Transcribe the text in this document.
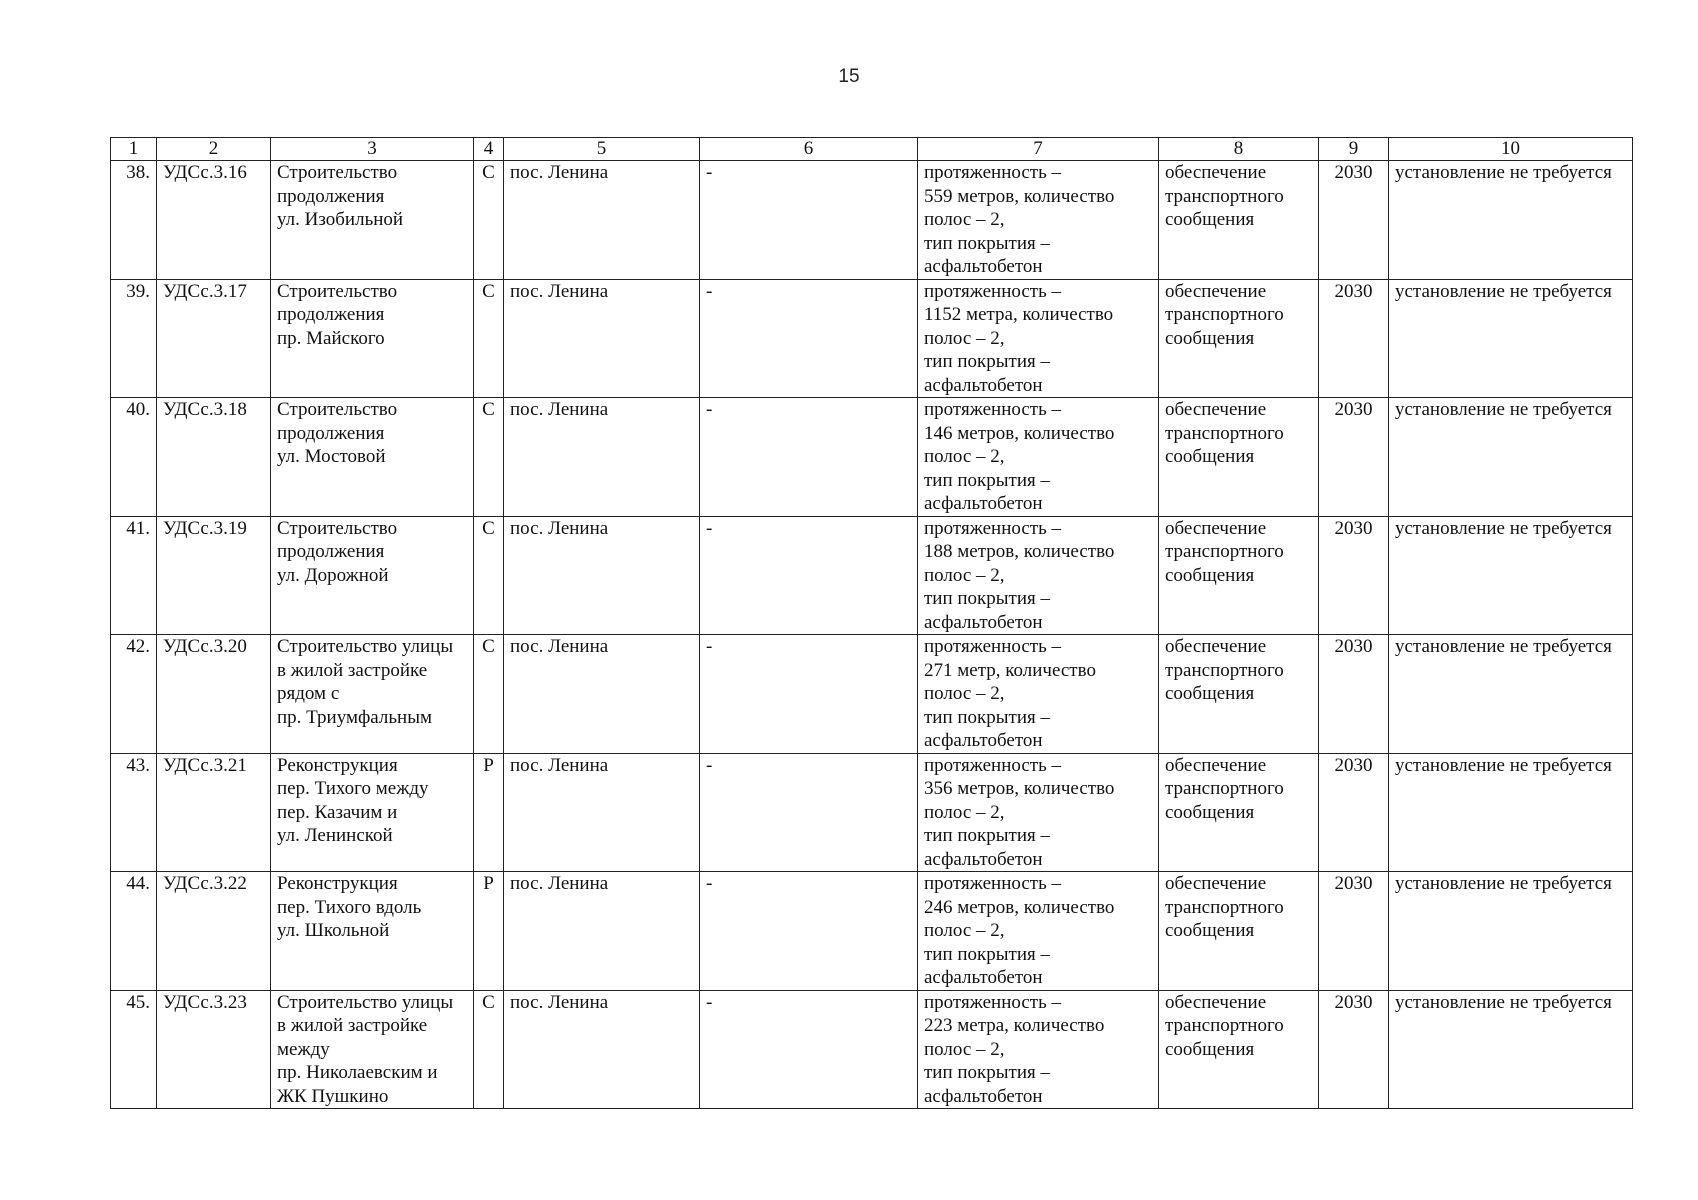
15
1	2	3	4	5	6	7	8	9	10
38.	УДСс.3.16	Строительство
продолжения
ул. Изобильной	С	пос. Ленина	-	протяженность –
559 метров, количество
полос – 2,
тип покрытия –
асфальтобетон	обеспечение
транспортного
сообщения	2030	установление не требуется
39.	УДСс.3.17	Строительство
продолжения
пр. Майского	С	пос. Ленина	-	протяженность –
1152 метра, количество
полос – 2,
тип покрытия –
асфальтобетон	обеспечение
транспортного
сообщения	2030	установление не требуется
40.	УДСс.3.18	Строительство
продолжения
ул. Мостовой	С	пос. Ленина	-	протяженность –
146 метров, количество
полос – 2,
тип покрытия –
асфальтобетон	обеспечение
транспортного
сообщения	2030	установление не требуется
41.	УДСс.3.19	Строительство
продолжения
ул. Дорожной	С	пос. Ленина	-	протяженность –
188 метров, количество
полос – 2,
тип покрытия –
асфальтобетон	обеспечение
транспортного
сообщения	2030	установление не требуется
42.	УДСс.3.20	Строительство улицы
в жилой застройке
рядом с
пр. Триумфальным	С	пос. Ленина	-	протяженность –
271 метр, количество
полос – 2,
тип покрытия –
асфальтобетон	обеспечение
транспортного
сообщения	2030	установление не требуется
43.	УДСс.3.21	Реконструкция
пер. Тихого между
пер. Казачим и
ул. Ленинской	Р	пос. Ленина	-	протяженность –
356 метров, количество
полос – 2,
тип покрытия –
асфальтобетон	обеспечение
транспортного
сообщения	2030	установление не требуется
44.	УДСс.3.22	Реконструкция
пер. Тихого вдоль
ул. Школьной	Р	пос. Ленина	-	протяженность –
246 метров, количество
полос – 2,
тип покрытия –
асфальтобетон	обеспечение
транспортного
сообщения	2030	установление не требуется
45.	УДСс.3.23	Строительство улицы
в жилой застройке
между
пр. Николаевским и
ЖК Пушкино	С	пос. Ленина	-	протяженность –
223 метра, количество
полос – 2,
тип покрытия –
асфальтобетон	обеспечение
транспортного
сообщения	2030	установление не требуется
